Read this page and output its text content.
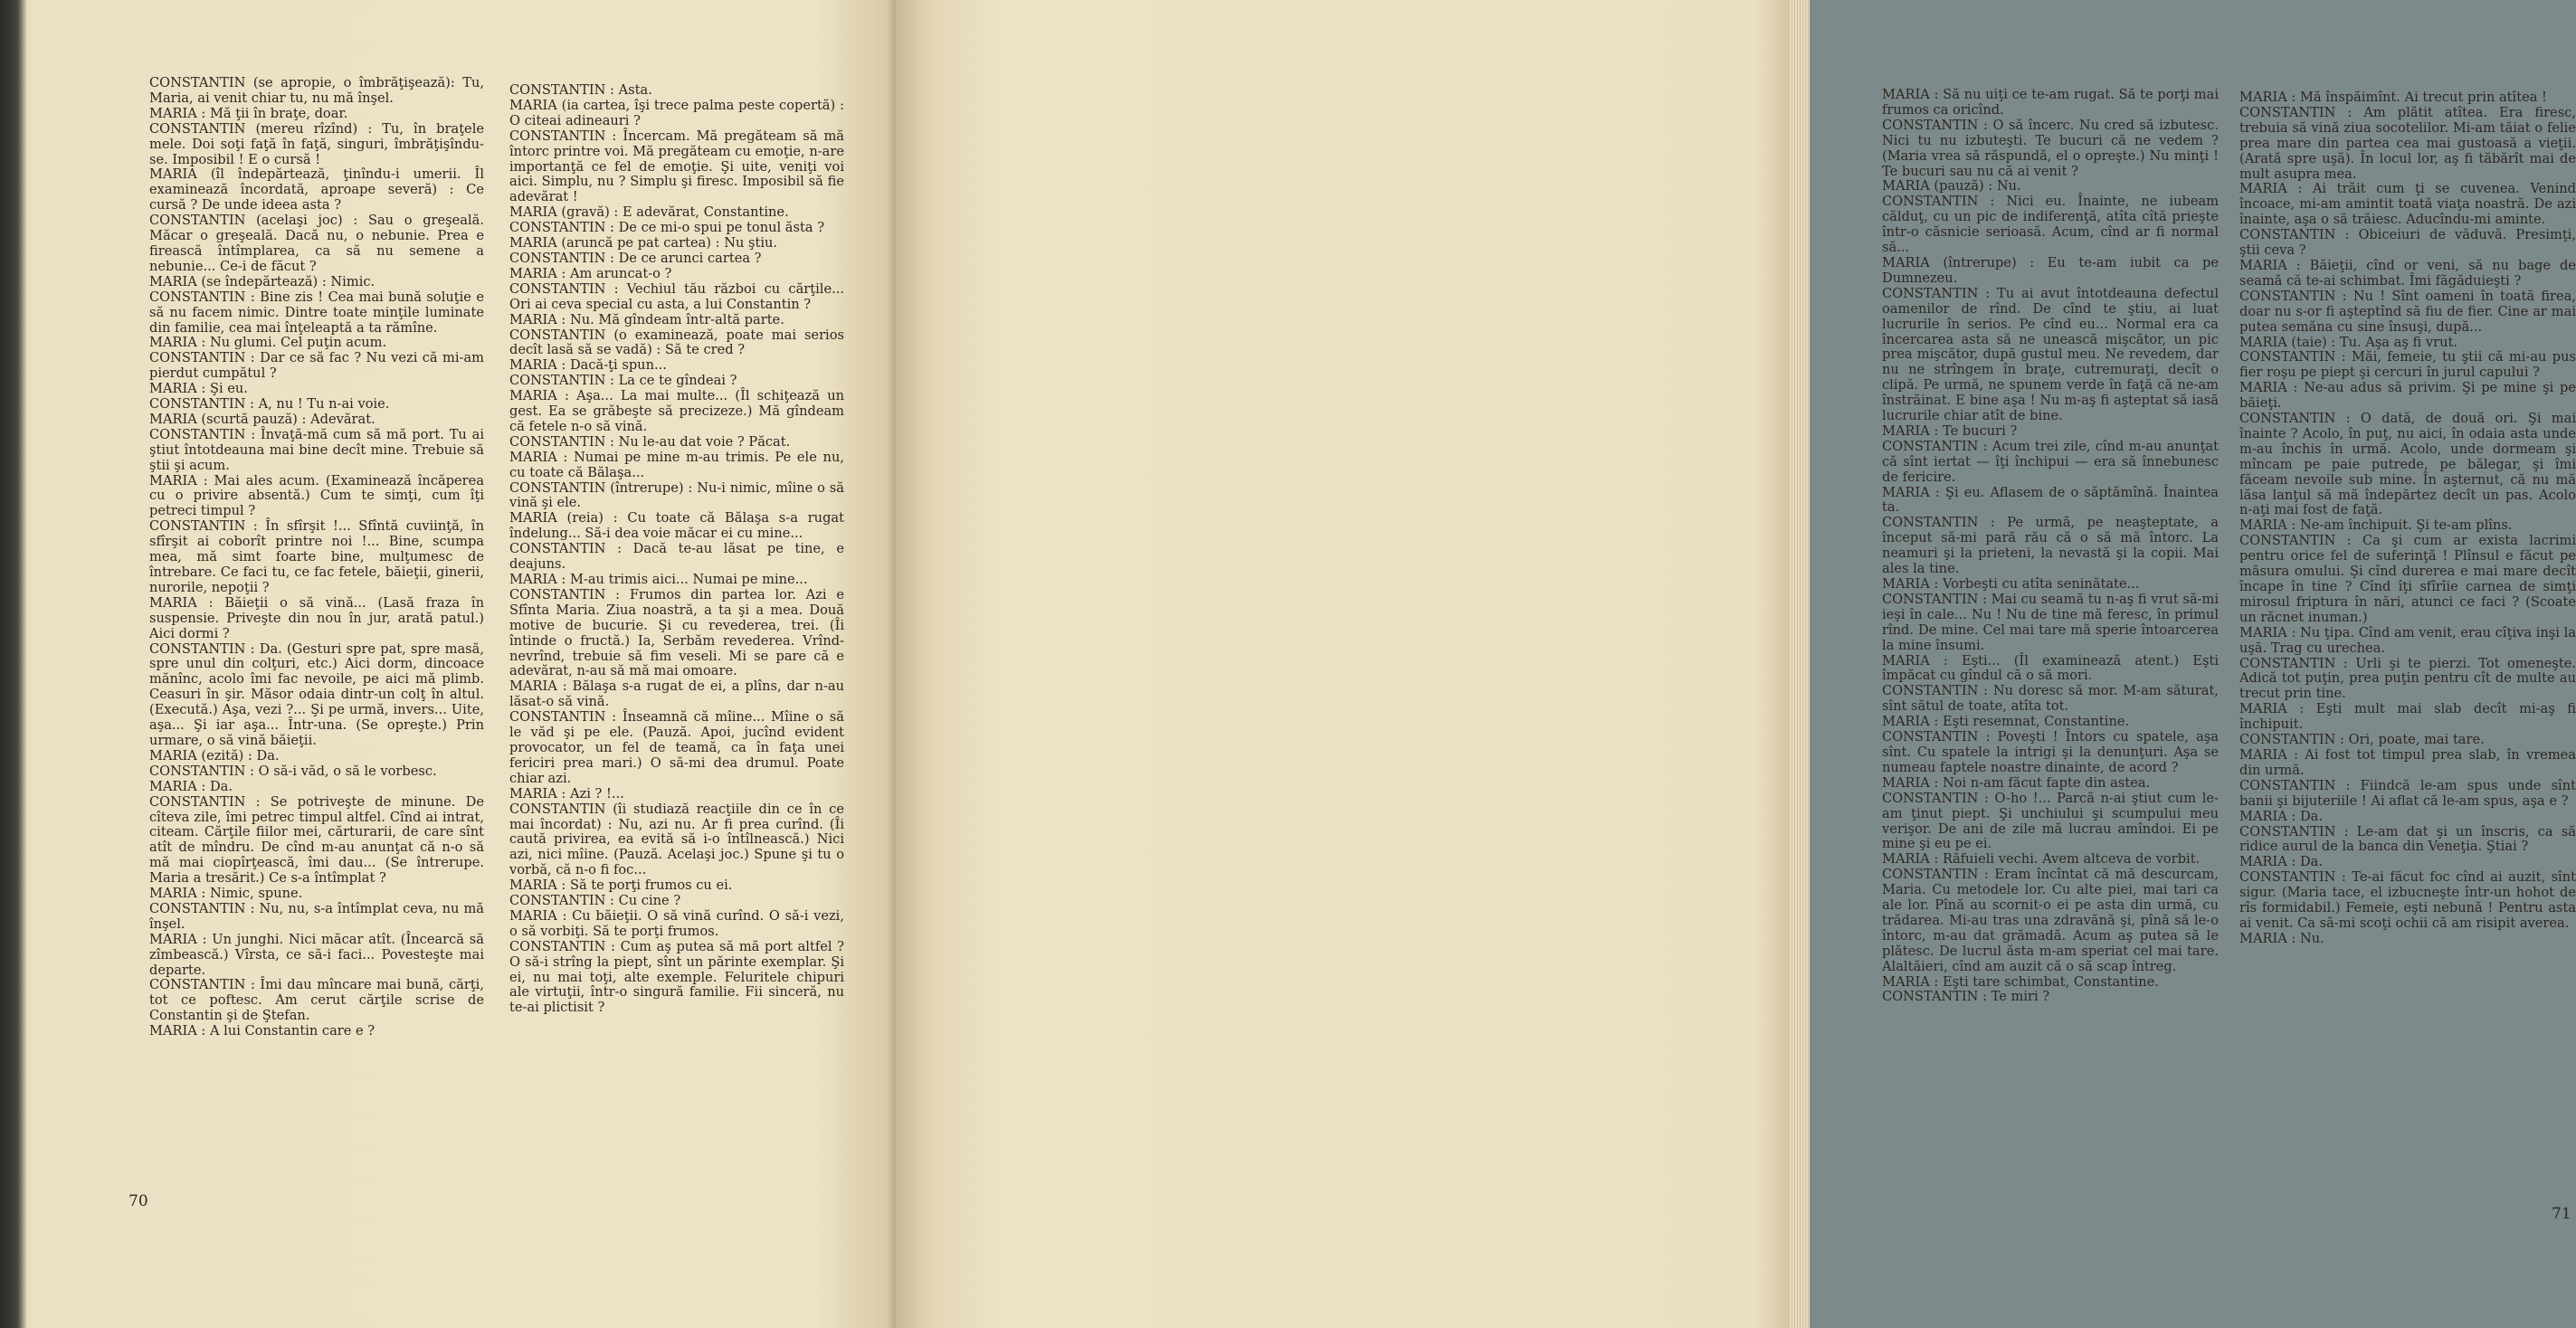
CONSTANTIN (se apropie, o îmbrăţişează): Tu, Maria, ai venit chiar tu, nu mă înşel.

MARIA : Mă ţii în braţe, doar.

CONSTANTIN (mereu rîzînd) : Tu, în braţele mele. Doi soţi faţă în faţă, singuri, îmbrăţişîndu-se. Imposibil ! E o cursă !

MARIA (îl îndepărtează, ţinîndu-i umerii. Îl examinează încordată, aproape severă) : Ce cursă ? De unde ideea asta ?

CONSTANTIN (acelaşi joc) : Sau o greşeală. Măcar o greşeală. Dacă nu, o nebunie. Prea e firească întîmplarea, ca să nu semene a nebunie... Ce-i de făcut ?

MARIA (se îndepărtează) : Nimic.

CONSTANTIN : Bine zis ! Cea mai bună soluţie e să nu facem nimic. Dintre toate minţile luminate din familie, cea mai înţeleaptă a ta rămîne.

MARIA : Nu glumi. Cel puţin acum.

CONSTANTIN : Dar ce să fac ? Nu vezi că mi-am pierdut cumpătul ?

MARIA : Şi eu.

CONSTANTIN : A, nu ! Tu n-ai voie.

MARIA (scurtă pauză) : Adevărat.

CONSTANTIN : Învaţă-mă cum să mă port. Tu ai ştiut întotdeauna mai bine decît mine. Trebuie să ştii şi acum.

MARIA : Mai ales acum. (Examinează încăperea cu o privire absentă.) Cum te simţi, cum îţi petreci timpul ?

CONSTANTIN : În sfîrşit !... Sfîntă cuviinţă, în sfîrşit ai coborît printre noi !... Bine, scumpa mea, mă simt foarte bine, mulţumesc de întrebare. Ce faci tu, ce fac fetele, băieţii, ginerii, nurorile, nepoţii ?

MARIA : Băieţii o să vină... (Lasă fraza în suspensie. Priveşte din nou în jur, arată patul.) Aici dormi ?

CONSTANTIN : Da. (Gesturi spre pat, spre masă, spre unul din colţuri, etc.) Aici dorm, dincoace mănînc, acolo îmi fac nevoile, pe aici mă plimb. Ceasuri în şir. Măsor odaia dintr-un colţ în altul. (Execută.) Aşa, vezi ?... Şi pe urmă, invers... Uite, aşa... Şi iar aşa... Într-una. (Se opreşte.) Prin urmare, o să vină băieţii.

MARIA (ezită) : Da.

CONSTANTIN : O să-i văd, o să le vorbesc.

MARIA : Da.

CONSTANTIN : Se potriveşte de minune. De cîteva zile, îmi petrec timpul altfel. Cînd ai intrat, citeam. Cărţile fiilor mei, cărturarii, de care sînt atît de mîndru. De cînd m-au anunţat că n-o să mă mai ciopîrţească, îmi dau... (Se întrerupe. Maria a tresărit.) Ce s-a întîmplat ?

MARIA : Nimic, spune.

CONSTANTIN : Nu, nu, s-a întîmplat ceva, nu mă înşel.

MARIA : Un junghi. Nici măcar atît. (Încearcă să zîmbească.) Vîrsta, ce să-i faci... Povesteşte mai departe.

CONSTANTIN : Îmi dau mîncare mai bună, cărţi, tot ce poftesc. Am cerut cărţile scrise de Constantin şi de Ştefan.

MARIA : A lui Constantin care e ?

CONSTANTIN : Asta.

MARIA (ia cartea, îşi trece palma peste copertă) : O citeai adineauri ?

CONSTANTIN : Încercam. Mă pregăteam să mă întorc printre voi. Mă pregăteam cu emoţie, n-are importanţă ce fel de emoţie. Şi uite, veniţi voi aici. Simplu, nu ? Simplu şi firesc. Imposibil să fie adevărat !

MARIA (gravă) : E adevărat, Constantine.

CONSTANTIN : De ce mi-o spui pe tonul ăsta ?

MARIA (aruncă pe pat cartea) : Nu ştiu.

CONSTANTIN : De ce arunci cartea ?

MARIA : Am aruncat-o ?

CONSTANTIN : Vechiul tău război cu cărţile... Ori ai ceva special cu asta, a lui Constantin ?

MARIA : Nu. Mă gîndeam într-altă parte.

CONSTANTIN (o examinează, poate mai serios decît lasă să se vadă) : Să te cred ?

MARIA : Dacă-ţi spun...

CONSTANTIN : La ce te gîndeai ?

MARIA : Aşa... La mai multe... (Îl schiţează un gest. Ea se grăbeşte să precizeze.) Mă gîndeam că fetele n-o să vină.

CONSTANTIN : Nu le-au dat voie ? Păcat.

MARIA : Numai pe mine m-au trimis. Pe ele nu, cu toate că Bălaşa...

CONSTANTIN (întrerupe) : Nu-i nimic, mîine o să vină şi ele.

MARIA (reia) : Cu toate că Bălaşa s-a rugat îndelung... Să-i dea voie măcar ei cu mine...

CONSTANTIN : Dacă te-au lăsat pe tine, e deajuns.

MARIA : M-au trimis aici... Numai pe mine...

CONSTANTIN : Frumos din partea lor. Azi e Sfînta Maria. Ziua noastră, a ta şi a mea. Două motive de bucurie. Şi cu revederea, trei. (Îi întinde o fructă.) Ia, Serbăm revederea. Vrînd-nevrînd, trebuie să fim veseli. Mi se pare că e adevărat, n-au să mă mai omoare.

MARIA : Bălaşa s-a rugat de ei, a plîns, dar n-au lăsat-o să vină.

CONSTANTIN : Înseamnă că mîine... Mîine o să le văd şi pe ele. (Pauză. Apoi, jucînd evident provocator, un fel de teamă, ca în faţa unei fericiri prea mari.) O să-mi dea drumul. Poate chiar azi.

MARIA : Azi ? !...

CONSTANTIN (îi studiază reacţiile din ce în ce mai încordat) : Nu, azi nu. Ar fi prea curînd. (Îi caută privirea, ea evită să i-o întîlnească.) Nici azi, nici mîine. (Pauză. Acelaşi joc.) Spune şi tu o vorbă, că n-o fi foc...

MARIA : Să te porţi frumos cu ei.

CONSTANTIN : Cu cine ?

MARIA : Cu băieţii. O să vină curînd. O să-i vezi, o să vorbiţi. Să te porţi frumos.

CONSTANTIN : Cum aş putea să mă port altfel ? O să-i strîng la piept, sînt un părinte exemplar. Şi ei, nu mai toţi, alte exemple. Feluritele chipuri ale virtuţii, într-o singură familie. Fii sinceră, nu te-ai plictisit ?

70

MARIA : Să nu uiţi ce te-am rugat. Să te porţi mai frumos ca oricînd.

CONSTANTIN : O să încerc. Nu cred să izbutesc. Nici tu nu izbuteşti. Te bucuri că ne vedem ? (Maria vrea să răspundă, el o opreşte.) Nu minţi ! Te bucuri sau nu că ai venit ?

MARIA (pauză) : Nu.

CONSTANTIN : Nici eu. Înainte, ne iubeam călduţ, cu un pic de indiferenţă, atîta cîtă prieşte într-o căsnicie serioasă. Acum, cînd ar fi normal să...

MARIA (întrerupe) : Eu te-am iubit ca pe Dumnezeu.

CONSTANTIN : Tu ai avut întotdeauna defectul oamenilor de rînd. De cînd te ştiu, ai luat lucrurile în serios. Pe cînd eu... Normal era ca încercarea asta să ne unească mişcător, un pic prea mişcător, după gustul meu. Ne revedem, dar nu ne strîngem în braţe, cutremuraţi, decît o clipă. Pe urmă, ne spunem verde în faţă că ne-am înstrăinat. E bine aşa ! Nu m-aş fi aşteptat să iasă lucrurile chiar atît de bine.

MARIA : Te bucuri ?

CONSTANTIN : Acum trei zile, cînd m-au anunţat că sînt iertat — îţi închipui — era să înnebunesc de fericire.

MARIA : Şi eu. Aflasem de o săptămînă. Înaintea ta.

CONSTANTIN : Pe urmă, pe neaşteptate, a început să-mi pară rău că o să mă întorc. La neamuri şi la prieteni, la nevastă şi la copii. Mai ales la tine.

MARIA : Vorbeşti cu atîta seninătate...

CONSTANTIN : Mai cu seamă tu n-aş fi vrut să-mi ieşi în cale... Nu ! Nu de tine mă feresc, în primul rînd. De mine. Cel mai tare mă sperie întoarcerea la mine însumi.

MARIA : Eşti... (Îl examinează atent.) Eşti împăcat cu gîndul că o să mori.

CONSTANTIN : Nu doresc să mor. M-am săturat, sînt sătul de toate, atîta tot.

MARIA : Eşti resemnat, Constantine.

CONSTANTIN : Poveşti ! Întors cu spatele, aşa sînt. Cu spatele la intrigi şi la denunţuri. Aşa se numeau faptele noastre dinainte, de acord ?

MARIA : Noi n-am făcut fapte din astea.

CONSTANTIN : O-ho !... Parcă n-ai ştiut cum le-am ţinut piept. Şi unchiului şi scumpului meu verişor. De ani de zile mă lucrau amîndoi. Ei pe mine şi eu pe ei.

MARIA : Răfuieli vechi. Avem altceva de vorbit.

CONSTANTIN : Eram încîntat că mă descurcam, Maria. Cu metodele lor. Cu alte piei, mai tari ca ale lor. Pînă au scornit-o ei pe asta din urmă, cu trădarea. Mi-au tras una zdravănă şi, pînă să le-o întorc, m-au dat grămadă. Acum aş putea să le plătesc. De lucrul ăsta m-am speriat cel mai tare. Alaltăieri, cînd am auzit că o să scap întreg.

MARIA : Eşti tare schimbat, Constantine.

CONSTANTIN : Te miri ?

MARIA : Mă înspăimînt. Ai trecut prin atîtea !

CONSTANTIN : Am plătit atîtea. Era firesc, trebuia să vină ziua socotelilor. Mi-am tăiat o felie prea mare din partea cea mai gustoasă a vieţii. (Arată spre uşă). În locul lor, aş fi tăbărît mai de mult asupra mea.

MARIA : Ai trăit cum ţi se cuvenea. Venind încoace, mi-am amintit toată viaţa noastră. De azi înainte, aşa o să trăiesc. Aducîndu-mi aminte.

CONSTANTIN : Obiceiuri de văduvă. Presimţi, ştii ceva ?

MARIA : Băieţii, cînd or veni, să nu bage de seamă că te-ai schimbat. Îmi făgăduieşti ?

CONSTANTIN : Nu ! Sînt oameni în toată firea, doar nu s-or fi aşteptînd să fiu de fier. Cine ar mai putea semăna cu sine însuşi, după...

MARIA (taie) : Tu. Aşa aş fi vrut.

CONSTANTIN : Măi, femeie, tu ştii că mi-au pus fier roşu pe piept şi cercuri în jurul capului ?

MARIA : Ne-au adus să privim. Şi pe mine şi pe băieţi.

CONSTANTIN : O dată, de două ori. Şi mai înainte ? Acolo, în puţ, nu aici, în odaia asta unde m-au închis în urmă. Acolo, unde dormeam şi mîncam pe paie putrede, pe bălegar, şi îmi făceam nevoile sub mine. În aşternut, că nu mă lăsa lanţul să mă îndepărtez decît un pas. Acolo n-aţi mai fost de faţă.

MARIA : Ne-am închipuit. Şi te-am plîns.

CONSTANTIN : Ca şi cum ar exista lacrimi pentru orice fel de suferinţă ! Plînsul e făcut pe măsura omului. Şi cînd durerea e mai mare decît încape în tine ? Cînd îţi sfîrîie carnea de simţi mirosul friptura în nări, atunci ce faci ? (Scoate un răcnet inuman.)

MARIA : Nu ţipa. Cînd am venit, erau cîţiva inşi la uşă. Trag cu urechea.

CONSTANTIN : Urli şi te pierzi. Tot omeneşte. Adică tot puţin, prea puţin pentru cît de multe au trecut prin tine.

MARIA : Eşti mult mai slab decît mi-aş fi închipuit.

CONSTANTIN : Ori, poate, mai tare.

MARIA : Ai fost tot timpul prea slab, în vremea din urmă.

CONSTANTIN : Fiindcă le-am spus unde sînt banii şi bijuteriile ! Ai aflat că le-am spus, aşa e ?

MARIA : Da.

CONSTANTIN : Le-am dat şi un înscris, ca să ridice aurul de la banca din Veneţia. Ştiai ?

MARIA : Da.

CONSTANTIN : Te-ai făcut foc cînd ai auzit, sînt sigur. (Maria tace, el izbucneşte într-un hohot de rîs formidabil.) Femeie, eşti nebună ! Pentru asta ai venit. Ca să-mi scoţi ochii că am risipit averea.

MARIA : Nu.

71
